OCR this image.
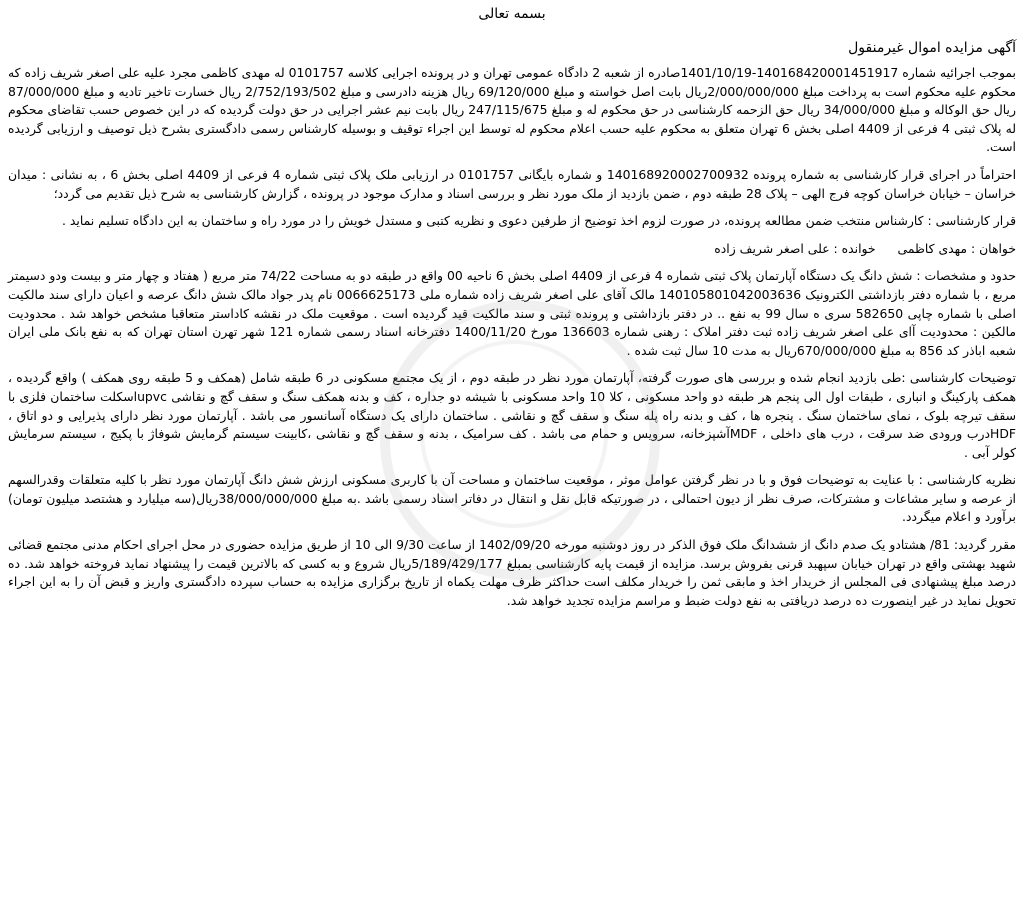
بسمه تعالی
آگهی مزایده اموال غیرمنقول

بموجب اجرائیه شماره 140168420001451917-1401/10/19صادره از شعبه 2 دادگاه عمومی تهران و در پرونده اجرایی کلاسه 0101757 له مهدی کاظمی مجرد علیه علی اصغر شریف زاده که محکوم علیه محکوم است به پرداخت مبلغ 2/000/000/000ریال بابت اصل خواسته و مبلغ 69/120/000 ریال هزینه دادرسی و مبلغ 2/752/193/502 ریال خسارت تاخیر تادیه و مبلغ 87/000/000 ریال حق الوکاله و مبلغ 34/000/000 ریال حق الزحمه کارشناسی در حق محکوم له و مبلغ 247/115/675 ریال بابت نیم عشر اجرایی در حق دولت گردیده که در این خصوص حسب تقاضای محکوم له پلاک ثبتی 4 فرعی از 4409 اصلی بخش 6 تهران متعلق به محکوم علیه حسب اعلام محکوم له توسط این اجراء توقیف و بوسیله کارشناس رسمی دادگستری بشرح ذیل توصیف و ارزیابی گردیده است.

احتراماً در اجرای قرار کارشناسی به شماره پرونده 140168920002700932 و شماره بایگانی 0101757 در ارزیابی ملک پلاک ثبتی شماره 4 فرعی از 4409 اصلی بخش 6 ، به نشانی : میدان خراسان – خیابان خراسان کوچه فرج الهی – پلاک 28 طبقه دوم ، ضمن بازدید از ملک مورد نظر و بررسی اسناد و مدارک موجود در پرونده ، گزارش کارشناسی به شرح ذیل تقدیم می گردد؛

قرار کارشناسی : کارشناس منتخب ضمن مطالعه پرونده، در صورت لزوم اخذ توضیح از طرفین دعوی و نظریه کتبی و مستدل خویش را در مورد راه و ساختمان به این دادگاه تسلیم نماید .

خواهان : مهدی کاظمی  خوانده : علی اصغر شریف زاده

حدود و مشخصات : شش دانگ یک دستگاه آپارتمان پلاک ثبتی شماره 4 فرعی از 4409 اصلی بخش 6 ناحیه 00 واقع در طبقه دو به مساحت 74/22 متر مربع ( هفتاد و چهار متر و بیست ودو دسیمتر مربع ، با شماره دفتر بازداشتی الکترونیک 140105801042003636 مالک آقای علی اصغر شریف زاده شماره ملی 0066625173 نام پدر جواد مالک شش دانگ عرصه و اعیان دارای سند مالکیت اصلی با شماره چاپی 582650 سری ه سال 99 به نفع .. در دفتر بازداشتی و پرونده ثبتی و سند مالکیت قید گردیده است . موقعیت ملک در نقشه کاداستر متعاقبا مشخص خواهد شد . محدودیت مالکین : محدودیت آای علی اصغر شریف زاده ثبت دفتر املاک : رهنی شماره 136603 مورخ 1400/11/20 دفترخانه اسناد رسمی شماره 121 شهر تهرن استان تهران که به نفع بانک ملی ایران شعبه اباذر کد 856 به مبلغ 670/000/000ریال به مدت 10 سال ثبت شده .

توضیحات کارشناسی :طی بازدید انجام شده و بررسی های صورت گرفته، آپارتمان مورد نظر در طبقه دوم ، از یک مجتمع مسکونی در 6 طبقه شامل (همکف و 5 طبقه روی همکف ) واقع گردیده ، همکف پارکینگ و انباری ، طبقات اول الی پنجم هر طبقه دو واحد مسکونی ، کلا 10 واحد مسکونی با شیشه دو جداره ، کف و بدنه همکف سنگ و سقف گچ و نقاشی upvcاسکلت ساختمان فلزی با سقف تیرچه بلوک ، نمای ساختمان سنگ . پنجره ها ، کف و بدنه راه پله سنگ و سقف گچ و نقاشی . ساختمان دارای یک دستگاه آسانسور می باشد . آپارتمان مورد نظر دارای پذیرایی و دو اتاق ، HDFدرب ورودی ضد سرقت ، درب های داخلی ، MDFآشپزخانه، سرویس و حمام می باشد . کف سرامیک ، بدنه و سقف گچ و نقاشی ،کابینت سیستم گرمایش شوفاژ با پکیج ، سیستم سرمایش کولر آبی .

نظریه کارشناسی : با عنایت به توضیحات فوق و با در نظر گرفتن عوامل موثر ، موقعیت ساختمان و مساحت آن با کاربری مسکونی ارزش شش دانگ آپارتمان مورد نظر با کلیه متعلقات وقدرالسهم از عرصه و سایر مشاعات و مشترکات، صرف نظر از دیون احتمالی ، در صورتیکه قابل نقل و انتقال در دفاتر اسناد رسمی باشد .به مبلغ 38/000/000/000ریال(سه میلیارد و هشتصد میلیون تومان) برآورد و اعلام میگردد.

مقرر گردید: 81/ هشتادو یک صدم دانگ از ششدانگ ملک فوق الذکر در روز دوشنبه مورخه 1402/09/20 از ساعت 9/30 الی 10 از طریق مزایده حضوری در محل اجرای احکام مدنی مجتمع قضائی شهید بهشتی واقع در تهران خیابان سپهبد قرنی بفروش برسد. مزایده از قیمت پایه کارشناسی بمبلغ 5/189/429/177ریال شروع و به کسی که بالاترین قیمت را پیشنهاد نماید فروخته خواهد شد. ده درصد مبلغ پیشنهادی فی المجلس از خریدار اخذ و مابقی ثمن را خریدار مکلف است حداکثر ظرف مهلت یکماه از تاریخ برگزاری مزایده به حساب سپرده دادگستری واریز و قبض آن را به این اجراء تحویل نماید در غیر اینصورت ده درصد دریافتی به نفع دولت ضبط و مراسم مزایده تجدید خواهد شد.
